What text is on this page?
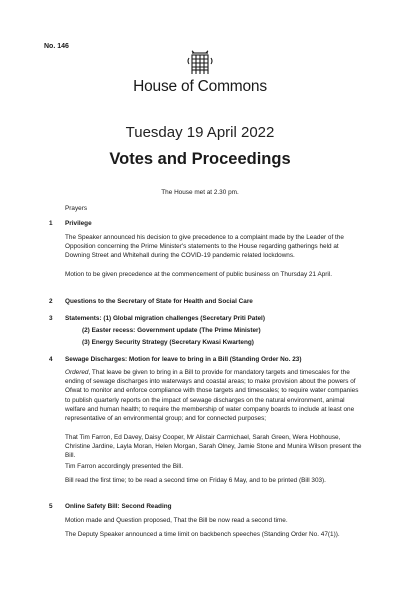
No. 146
House of Commons
Tuesday 19 April 2022
Votes and Proceedings
The House met at 2.30 pm.
Prayers
1 Privilege
The Speaker announced his decision to give precedence to a complaint made by the Leader of the Opposition concerning the Prime Minister's statements to the House regarding gatherings held at Downing Street and Whitehall during the COVID-19 pandemic related lockdowns.
Motion to be given precedence at the commencement of public business on Thursday 21 April.
2 Questions to the Secretary of State for Health and Social Care
3 Statements: (1) Global migration challenges (Secretary Priti Patel)
(2) Easter recess: Government update (The Prime Minister)
(3) Energy Security Strategy (Secretary Kwasi Kwarteng)
4 Sewage Discharges: Motion for leave to bring in a Bill (Standing Order No. 23)
Ordered, That leave be given to bring in a Bill to provide for mandatory targets and timescales for the ending of sewage discharges into waterways and coastal areas; to make provision about the powers of Ofwat to monitor and enforce compliance with those targets and timescales; to require water companies to publish quarterly reports on the impact of sewage discharges on the natural environment, animal welfare and human health; to require the membership of water company boards to include at least one representative of an environmental group; and for connected purposes;
That Tim Farron, Ed Davey, Daisy Cooper, Mr Alistair Carmichael, Sarah Green, Wera Hobhouse, Christine Jardine, Layla Moran, Helen Morgan, Sarah Olney, Jamie Stone and Munira Wilson present the Bill.
Tim Farron accordingly presented the Bill.
Bill read the first time; to be read a second time on Friday 6 May, and to be printed (Bill 303).
5 Online Safety Bill: Second Reading
Motion made and Question proposed, That the Bill be now read a second time.
The Deputy Speaker announced a time limit on backbench speeches (Standing Order No. 47(1)).
